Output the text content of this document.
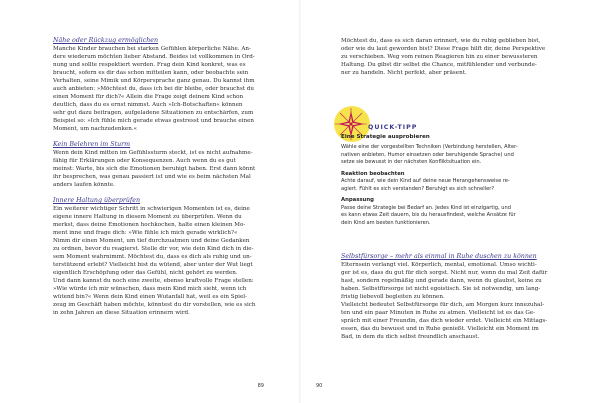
Nähe oder Rückzug ermöglichen

Manche Kinder brauchen bei starken Gefühlen körperliche Nähe. An-

dere wiederum möchten lieber Abstand. Beides ist vollkommen in Ord-

nung und sollte respektiert werden. Frag dein Kind konkret, was es

braucht, sofern es dir das schon mitteilen kann, oder beobachte sein

Verhalten, seine Mimik und Körpersprache ganz genau. Du kannst ihm

auch anbieten: »Möchtest du, dass ich bei dir bleibe, oder brauchst du

einen Moment für dich?« Allein die Frage zeigt deinem Kind schon

deutlich, dass du es ernst nimmst. Auch »Ich-Botschaften« können

sehr gut dazu beitragen, aufgeladene Situationen zu entschärfen, zum

Beispiel so: »Ich fühle mich gerade etwas gestresst und brauche einen

Moment, um nachzudenken.«

Kein Belehren im Sturm

Wenn dein Kind mitten im Gefühlssturm steckt, ist es nicht aufnahme-

fähig für Erklärungen oder Konsequenzen. Auch wenn du es gut

meinst: Warte, bis sich die Emotionen beruhigt haben. Erst dann könnt

ihr besprechen, was genau passiert ist und wie es beim nächsten Mal

anders laufen könnte.

Innere Haltung überprüfen

Ein weiterer wichtiger Schritt in schwierigen Momenten ist es, deine

eigene innere Haltung in diesem Moment zu überprüfen. Wenn du

merkst, dass deine Emotionen hochkochen, halte einen kleinen Mo-

ment inne und frage dich: »Wie fühle ich mich gerade wirklich?«

Nimm dir einen Moment, um tief durchzuatmen und deine Gedanken

zu ordnen, bevor du reagierst. Stelle dir vor, wie dein Kind dich in die-

sem Moment wahrnimmt. Möchtest du, dass es dich als ruhig und un-

terstützend erlebt? Vielleicht bist du wütend, aber unter der Wut liegt

eigentlich Erschöpfung oder das Gefühl, nicht gehört zu werden.

Und dann kannst du noch eine zweite, ebenso kraftvolle Frage stellen:

»Wie würde ich mir wünschen, dass mein Kind mich sieht, wenn ich

wütend bin?« Wenn dein Kind einen Wutanfall hat, weil es ein Spiel-

zeug im Geschäft haben möchte, könntest du dir vorstellen, wie es sich

in zehn Jahren an diese Situation erinnern wird.

89

Möchtest du, dass es sich daran erinnert, wie du ruhig geblieben bist,

oder wie du laut geworden bist? Diese Frage hilft dir, deine Perspektive

zu verschieben. Weg vom reinen Reagieren hin zu einer bewussteren

Haltung. Du gibst dir selbst die Chance, mitfühlender und verbunde-

ner zu handeln. Nicht perfekt, aber präsent.

QUICK-TIPP
Eine Strategie ausprobieren

Wähle eine der vorgestellten Techniken (Verbindung herstellen, Alter-

nativen anbieten, Humor einsetzen oder beruhigende Sprache) und

setze sie bewusst in der nächsten Konfliktsituation ein.

Reaktion beobachten

Achte darauf, wie dein Kind auf deine neue Herangehensweise re-

agiert. Fühlt es sich verstanden? Beruhigt es sich schneller?

Anpassung

Passe deine Strategie bei Bedarf an. Jedes Kind ist einzigartig, und

es kann etwas Zeit dauern, bis du herausfindest, welche Ansätze für

dein Kind am besten funktionieren.

Selbstfürsorge – mehr als einmal in Ruhe duschen zu können

Elternsein verlangt viel. Körperlich, mental, emotional. Umso wichti-

ger ist es, dass du gut für dich sorgst. Nicht nur, wenn du mal Zeit dafür

hast, sondern regelmäßig und gerade dann, wenn du glaubst, keine zu

haben. Selbstfürsorge ist nicht egoistisch. Sie ist notwendig, um lang-

fristig liebevoll begleiten zu können.

Vielleicht bedeutet Selbstfürsorge für dich, am Morgen kurz innezuhal-

ten und ein paar Minuten in Ruhe zu atmen. Vielleicht ist es das Ge-

spräch mit einer Freundin, das dich wieder erdet. Vielleicht ein Mittags-

essen, das du bewusst und in Ruhe genießt. Vielleicht ein Moment im

Bad, in dem du dich selbst freundlich anschaust.

90
